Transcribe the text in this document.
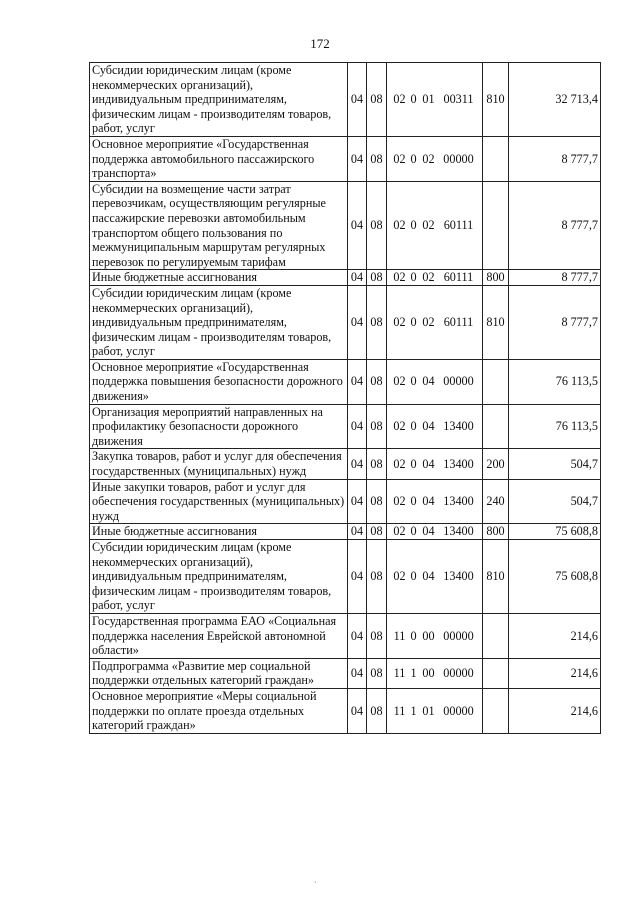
172
Субсидии юридическим лицам (кроме некоммерческих организаций), индивидуальным предпринимателям, физическим лицам - производителям товаров, работ, услуг	04	08	02 0 01 00311	810	32 713,4
Основное мероприятие «Государственная поддержка автомобильного пассажирского транспорта»	04	08	02 0 02 00000		8 777,7
Субсидии на возмещение части затрат перевозчикам, осуществляющим регулярные пассажирские перевозки автомобильным транспортом общего пользования по межмуниципальным маршрутам регулярных перевозок по регулируемым тарифам	04	08	02 0 02 60111		8 777,7
Иные бюджетные ассигнования	04	08	02 0 02 60111	800	8 777,7
Субсидии юридическим лицам (кроме некоммерческих организаций), индивидуальным предпринимателям, физическим лицам - производителям товаров, работ, услуг	04	08	02 0 02 60111	810	8 777,7
Основное мероприятие «Государственная поддержка повышения безопасности дорожного движения»	04	08	02 0 04 00000		76 113,5
Организация мероприятий направленных на профилактику безопасности дорожного движения	04	08	02 0 04 13400		76 113,5
Закупка товаров, работ и услуг для обеспечения государственных (муниципальных) нужд	04	08	02 0 04 13400	200	504,7
Иные закупки товаров, работ и услуг для обеспечения государственных (муниципальных) нужд	04	08	02 0 04 13400	240	504,7
Иные бюджетные ассигнования	04	08	02 0 04 13400	800	75 608,8
Субсидии юридическим лицам (кроме некоммерческих организаций), индивидуальным предпринимателям, физическим лицам - производителям товаров, работ, услуг	04	08	02 0 04 13400	810	75 608,8
Государственная программа ЕАО «Социальная поддержка населения Еврейской автономной области»	04	08	11 0 00 00000		214,6
Подпрограмма «Развитие мер социальной поддержки отдельных категорий граждан»	04	08	11 1 00 00000		214,6
Основное мероприятие «Меры социальной поддержки по оплате проезда отдельных категорий граждан»	04	08	11 1 01 00000		214,6
·
